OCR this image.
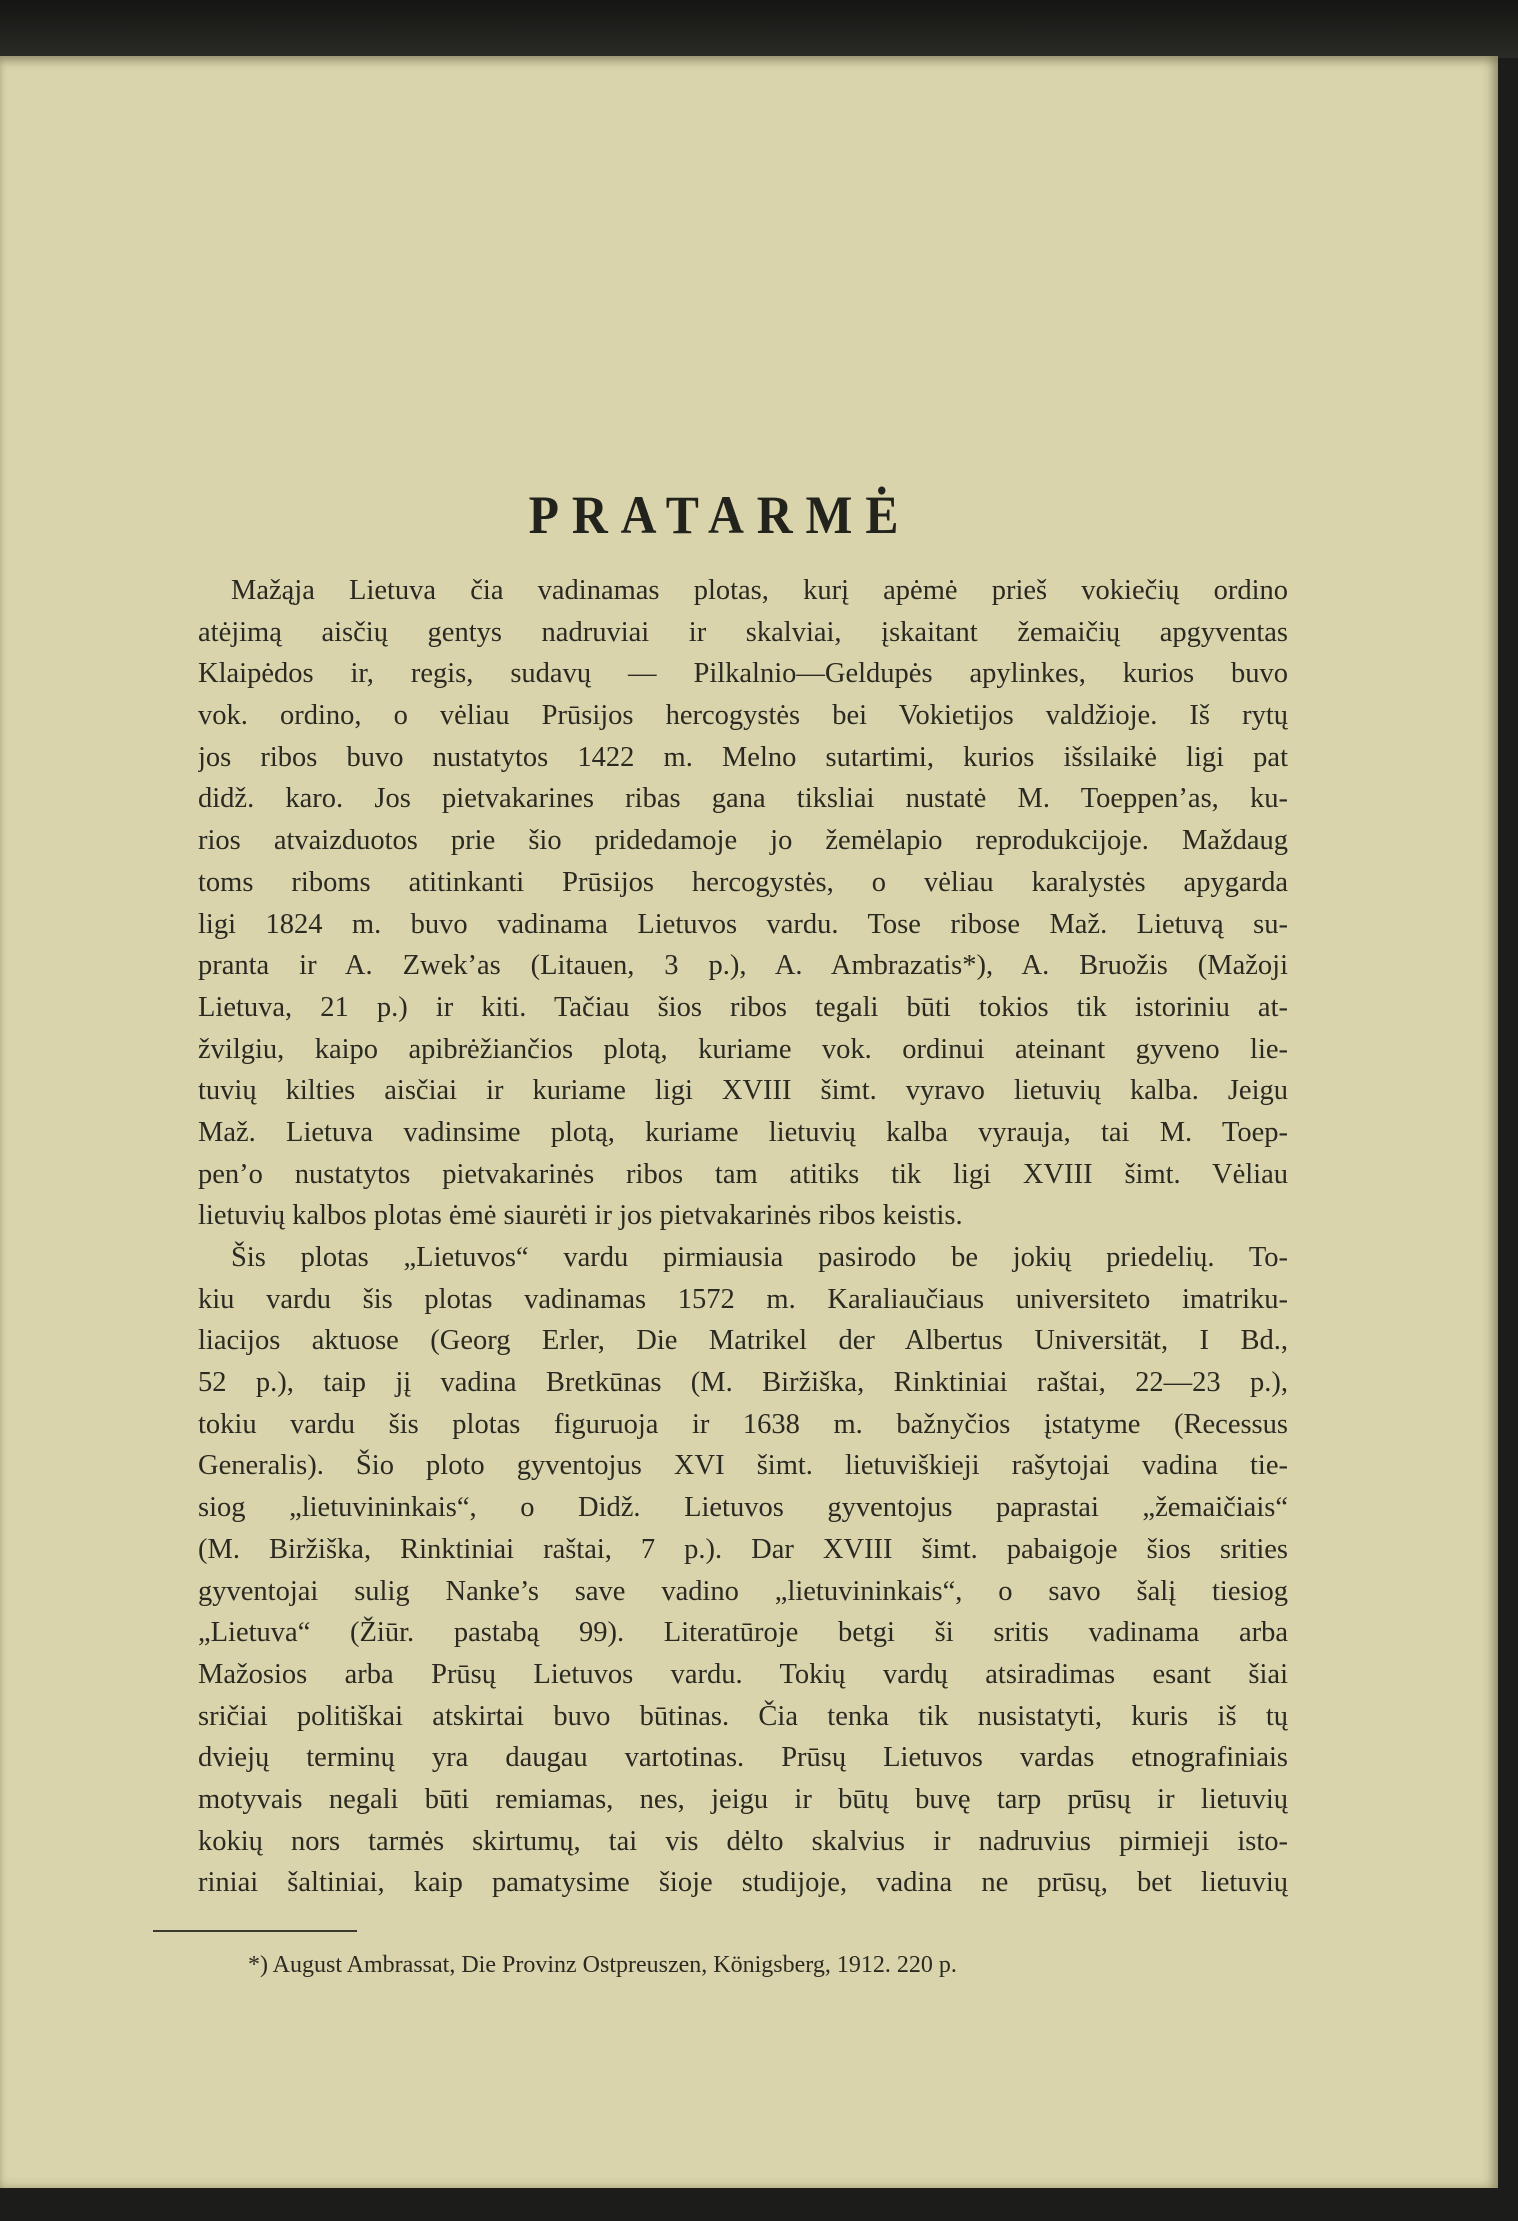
PRATARMĖ
Mažąja Lietuva čia vadinamas plotas, kurį apėmė prieš vokiečių ordino
atėjimą aisčių gentys nadruviai ir skalviai, įskaitant žemaičių apgyventas
Klaipėdos ir, regis, sudavų — Pilkalnio—Geldupės apylinkes, kurios buvo
vok. ordino, o vėliau Prūsijos hercogystės bei Vokietijos valdžioje. Iš rytų
jos ribos buvo nustatytos 1422 m. Melno sutartimi, kurios išsilaikė ligi pat
didž. karo. Jos pietvakarines ribas gana tiksliai nustatė M. Toeppen’as, ku-
rios atvaizduotos prie šio pridedamoje jo žemėlapio reprodukcijoje. Maždaug
toms riboms atitinkanti Prūsijos hercogystės, o vėliau karalystės apygarda
ligi 1824 m. buvo vadinama Lietuvos vardu. Tose ribose Maž. Lietuvą su-
pranta ir A. Zwek’as (Litauen, 3 p.), A. Ambrazatis*), A. Bruožis (Mažoji
Lietuva, 21 p.) ir kiti. Tačiau šios ribos tegali būti tokios tik istoriniu at-
žvilgiu, kaipo apibrėžiančios plotą, kuriame vok. ordinui ateinant gyveno lie-
tuvių kilties aisčiai ir kuriame ligi XVIII šimt. vyravo lietuvių kalba. Jeigu
Maž. Lietuva vadinsime plotą, kuriame lietuvių kalba vyrauja, tai M. Toep-
pen’o nustatytos pietvakarinės ribos tam atitiks tik ligi XVIII šimt. Vėliau
lietuvių kalbos plotas ėmė siaurėti ir jos pietvakarinės ribos keistis.
Šis plotas „Lietuvos“ vardu pirmiausia pasirodo be jokių priedelių. To-
kiu vardu šis plotas vadinamas 1572 m. Karaliaučiaus universiteto imatriku-
liacijos aktuose (Georg Erler, Die Matrikel der Albertus Universität, I Bd.,
52 p.), taip jį vadina Bretkūnas (M. Biržiška, Rinktiniai raštai, 22—23 p.),
tokiu vardu šis plotas figuruoja ir 1638 m. bažnyčios įstatyme (Recessus
Generalis). Šio ploto gyventojus XVI šimt. lietuviškieji rašytojai vadina tie-
siog „lietuvininkais“, o Didž. Lietuvos gyventojus paprastai „žemaičiais“
(M. Biržiška, Rinktiniai raštai, 7 p.). Dar XVIII šimt. pabaigoje šios srities
gyventojai sulig Nanke’s save vadino „lietuvininkais“, o savo šalį tiesiog
„Lietuva“ (Žiūr. pastabą 99). Literatūroje betgi ši sritis vadinama arba
Mažosios arba Prūsų Lietuvos vardu. Tokių vardų atsiradimas esant šiai
sričiai politiškai atskirtai buvo būtinas. Čia tenka tik nusistatyti, kuris iš tų
dviejų terminų yra daugau vartotinas. Prūsų Lietuvos vardas etnografiniais
motyvais negali būti remiamas, nes, jeigu ir būtų buvę tarp prūsų ir lietuvių
kokių nors tarmės skirtumų, tai vis dėlto skalvius ir nadruvius pirmieji isto-
riniai šaltiniai, kaip pamatysime šioje studijoje, vadina ne prūsų, bet lietuvių
*) August Ambrassat, Die Provinz Ostpreuszen, Königsberg, 1912. 220 p.
